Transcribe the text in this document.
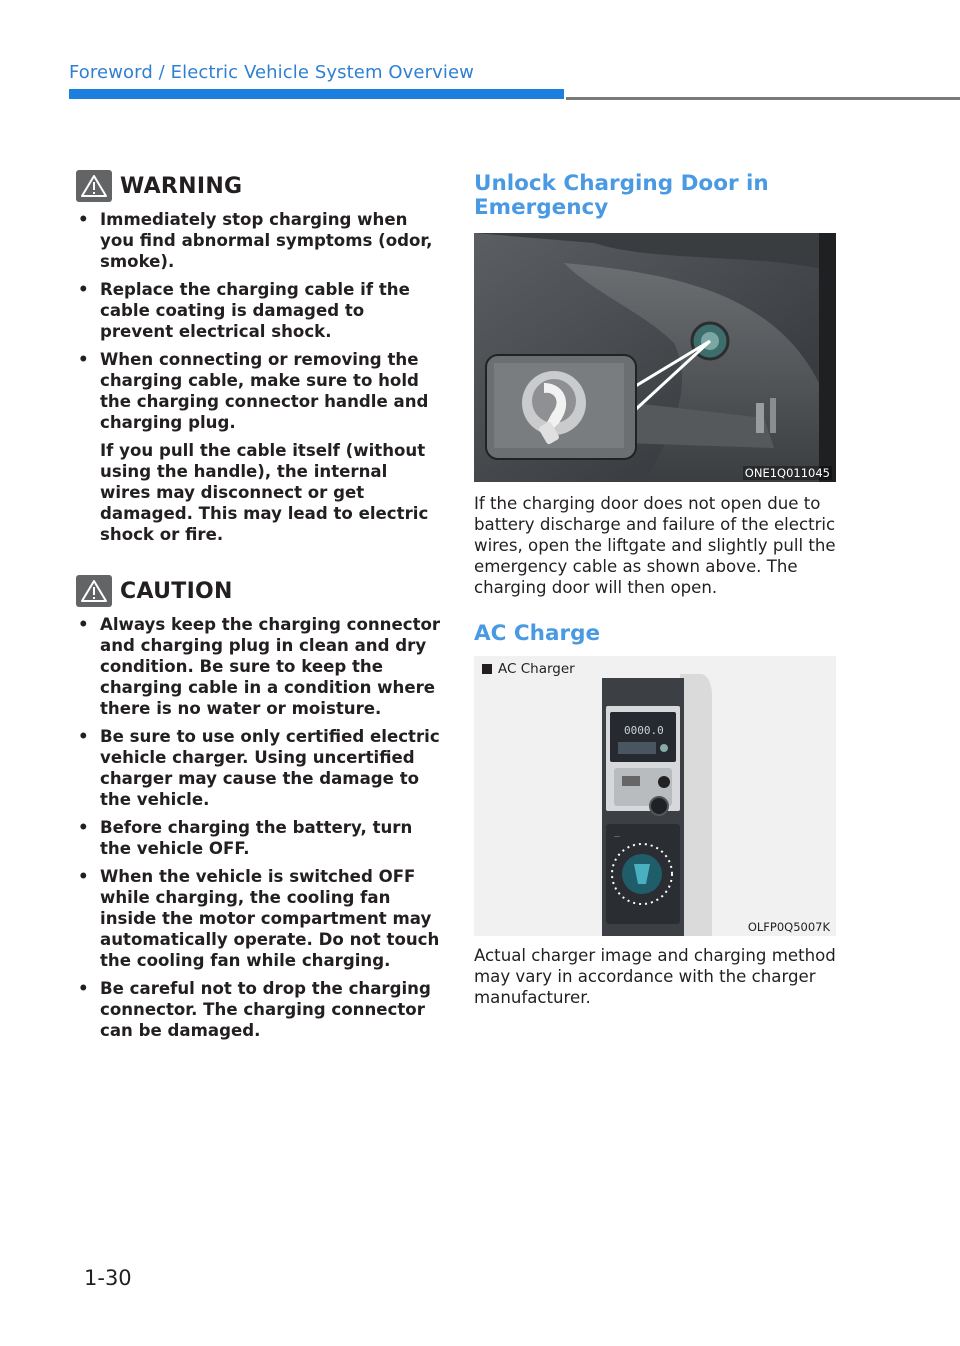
Foreword / Electric Vehicle System Overview
WARNING
• Immediately stop charging when you find abnormal symptoms (odor, smoke).

• Replace the charging cable if the cable coating is damaged to prevent electrical shock.

• When connecting or removing the charging cable, make sure to hold the charging connector handle and charging plug.

If you pull the cable itself (without using the handle), the internal wires may disconnect or get damaged. This may lead to electric shock or fire.

CAUTION
• Always keep the charging connector and charging plug in clean and dry condition. Be sure to keep the charging cable in a condition where there is no water or moisture.

• Be sure to use only certified electric vehicle charger. Using uncertified charger may cause the damage to the vehicle.

• Before charging the battery, turn the vehicle OFF.

• When the vehicle is switched OFF while charging, the cooling fan inside the motor compartment may automatically operate. Do not touch the cooling fan while charging.

• Be careful not to drop the charging connector. The charging connector can be damaged.

Unlock Charging Door in Emergency
ONE1Q011045

If the charging door does not open due to battery discharge and failure of the electric wires, open the liftgate and slightly pull the emergency cable as shown above. The charging door will then open.

AC Charge
AC Charger
0000.0
—
OLFP0Q5007K

Actual charger image and charging method may vary in accordance with the charger manufacturer.

1-30
